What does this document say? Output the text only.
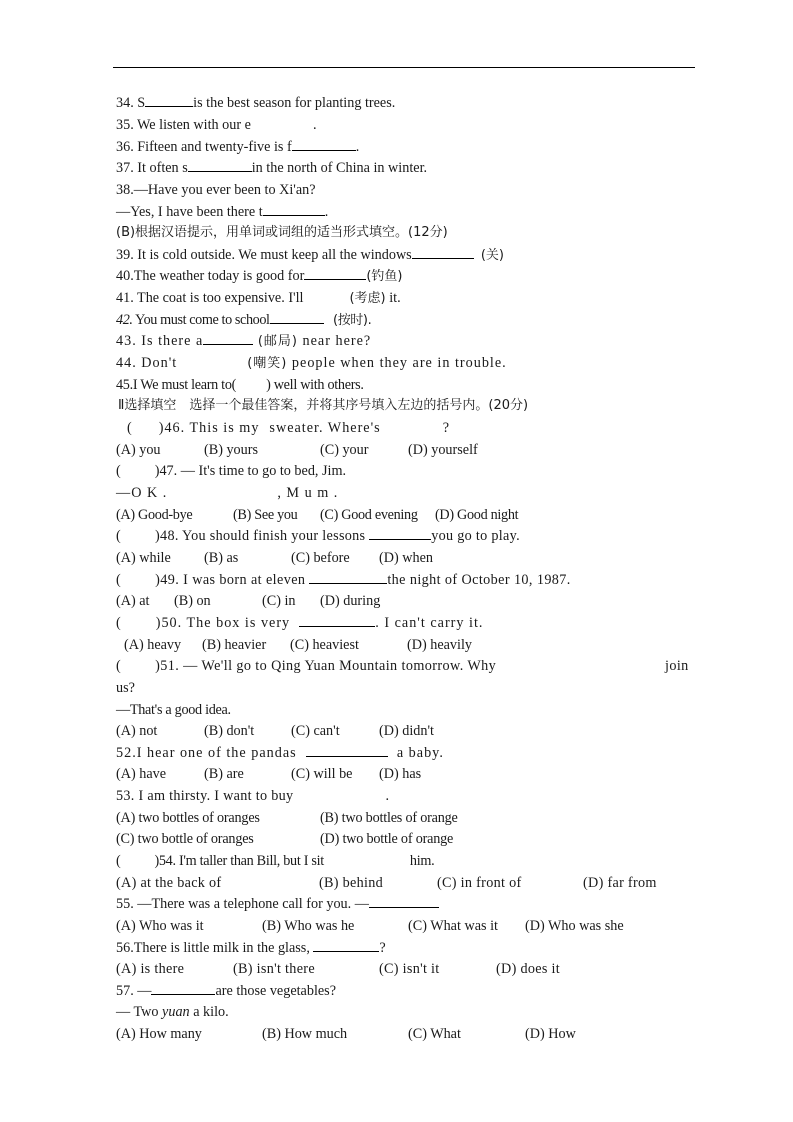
34. S	is the best season for planting trees.
35. We listen with our e	.
36. Fifteen and twenty-five is f	.
37. It often s	in the north of China in winter.
38.—Have you ever been to Xi'an?
—Yes, I have been there t	.
(B)根据汉语提示，用单词或词组的适当形式填空。(12分)
39. It is cold outside. We must keep all the windows	(关)
40.The weather today is good for	(钓鱼)
41. The coat is too expensive. I'll	(考虑) it.
42. You must come to school	(按时).
43. Is there a	(邮局) near here?
44. Don't	(嘲笑) people when they are in trouble.
45.I We must learn to( ) well with others.
Ⅱ选择填空　选择一个最佳答案，并将其序号填入左边的括号内。(20分)
( )46. This is my sweater. Where's	?
(A) you	(B) yours	(C) your	(D) yourself
( )47. — It's time to go to bed, Jim.
—O K .	, M u m .
(A) Good-bye	(B) See you (C) Good evening (D) Good night
( )48. You should finish your lessons	you go to play.
(A) while (B) as	(C) before (D) when
( )49. I was born at eleven	the night of October 10, 1987.
(A) at (B) on	(C) in (D) during
( )50. The box is very	. I can't carry it.
(A) heavy (B) heavier (C) heaviest	(D) heavily
( )51. — We'll go to Qing Yuan Mountain tomorrow. Why	join
us?
—That's a good idea.
(A) not	(B) don't	(C) can't	(D) didn't
52.I hear one of the pandas	a baby.
(A) have	(B) are	(C) will be (D) has
53. I am thirsty. I want to buy	.
(A) two bottles of oranges	(B) two bottles of orange
(C) two bottle of oranges	(D) two bottle of orange
( )54. I'm taller than Bill, but I sit	him.
(A) at the back of	(B) behind	(C) in front of	(D) far from
55. —There was a telephone call for you. —
(A) Who was it	(B) Who was he	(C) What was it (D) Who was she
56.There is little milk in the glass,	?
(A) is there	(B) isn't there	(C) isn't it	(D) does it
57. —	are those vegetables?
— Two yuan a kilo.
(A) How many	(B) How much	(C) What	(D) How
